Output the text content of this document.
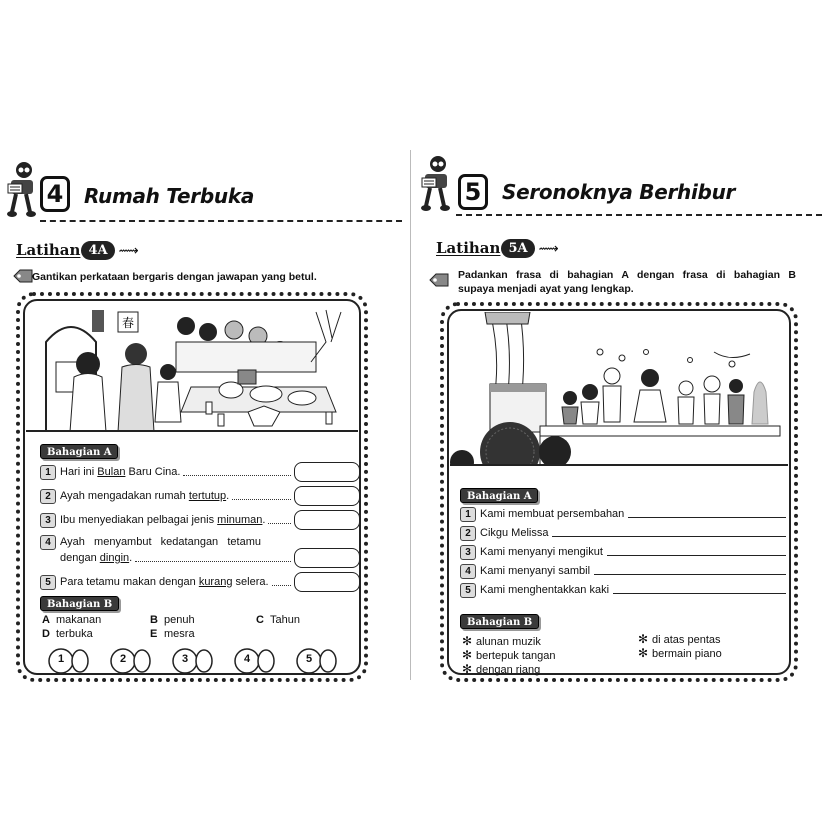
4	Rumah Terbuka
Latihan 4A ⟿
Gantikan perkataan bergaris dengan jawapan yang betul.
春
Bahagian A
1 Hari ini Bulan Baru Cina.
2 Ayah mengadakan rumah tertutup.
3 Ibu menyediakan pelbagai jenis minuman.
4 Ayah   menyambut   kedatangan   tetamu
dengan dingin.
5 Para tetamu makan dengan kurang selera.
Bahagian B
A makanan	B penuh	C Tahun
D terbuka	E mesra
1	2	3	4	5
5	Seronoknya Berhibur
Latihan 5A ⟿
Padankan frasa di bahagian A dengan frasa di bahagian B
supaya menjadi ayat yang lengkap.
Bahagian A
1 Kami membuat persembahan
2 Cikgu Melissa
3 Kami menyanyi mengikut
4 Kami menyanyi sambil
5 Kami menghentakkan kaki
Bahagian B
✻ alunan muzik
✻ bertepuk tangan
✻ dengan riang
✻ di atas pentas
✻ bermain piano
